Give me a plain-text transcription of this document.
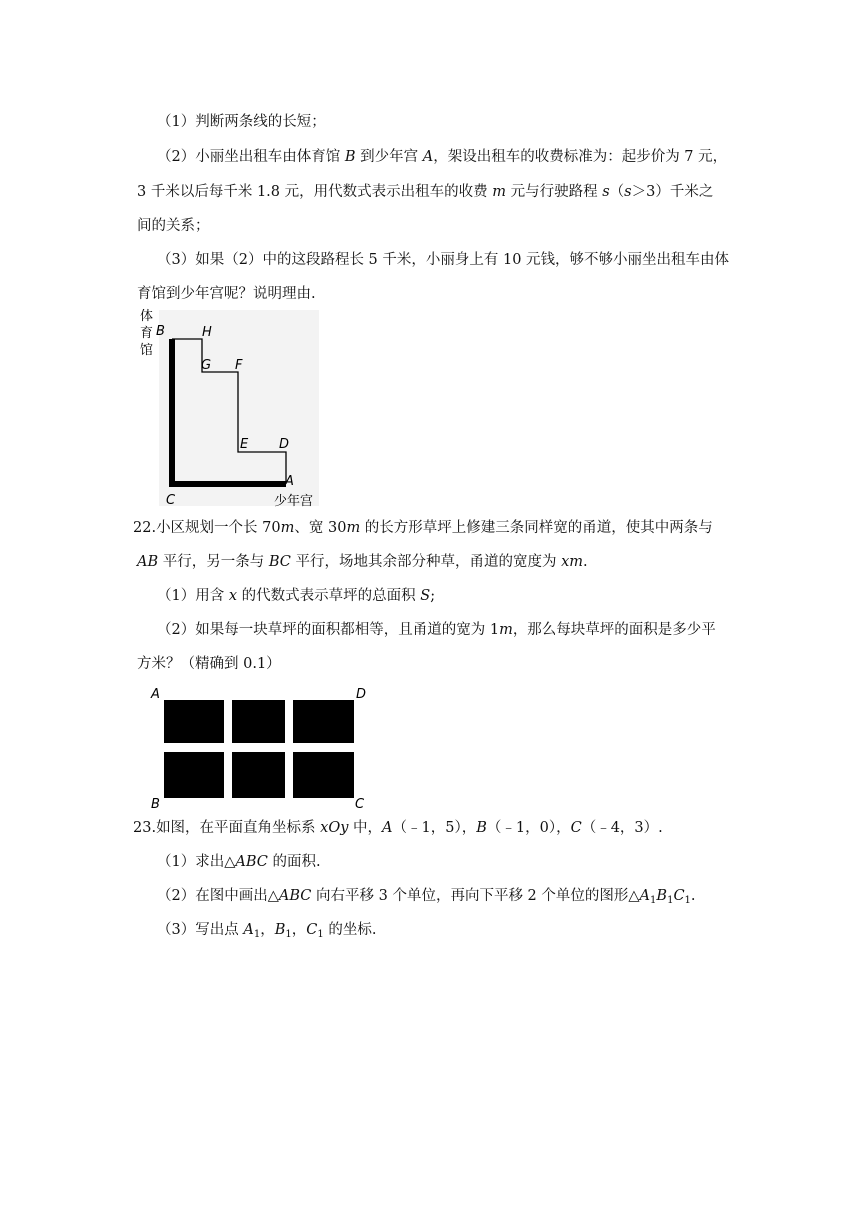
（1）判断两条线的长短；
（2）小丽坐出租车由体育馆 B 到少年宫 A，架设出租车的收费标准为：起步价为 7 元，
3 千米以后每千米 1.8 元，用代数式表示出租车的收费 m 元与行驶路程 s（s＞3）千米之
间的关系；
（3）如果（2）中的这段路程长 5 千米，小丽身上有 10 元钱，够不够小丽坐出租车由体
育馆到少年宫呢？说明理由.
体
育
馆
B	H
G F
E D
A
C	少年宫
22.小区规划一个长 70m、宽 30m 的长方形草坪上修建三条同样宽的甬道，使其中两条与
AB 平行，另一条与 BC 平行，场地其余部分种草，甬道的宽度为 xm.
（1）用含 x 的代数式表示草坪的总面积 S;
（2）如果每一块草坪的面积都相等，且甬道的宽为 1m，那么每块草坪的面积是多少平
方米？（精确到 0.1）
A	D
B	C
23.如图，在平面直角坐标系 xOy 中，A（﹣1，5），B（﹣1，0），C（﹣4，3）.
（1）求出△ABC 的面积.
（2）在图中画出△ABC 向右平移 3 个单位，再向下平移 2 个单位的图形$\triangle A_1B_1C_1$.
（3）写出点 $A_1$，$B_1$，$C_1$ 的坐标.
